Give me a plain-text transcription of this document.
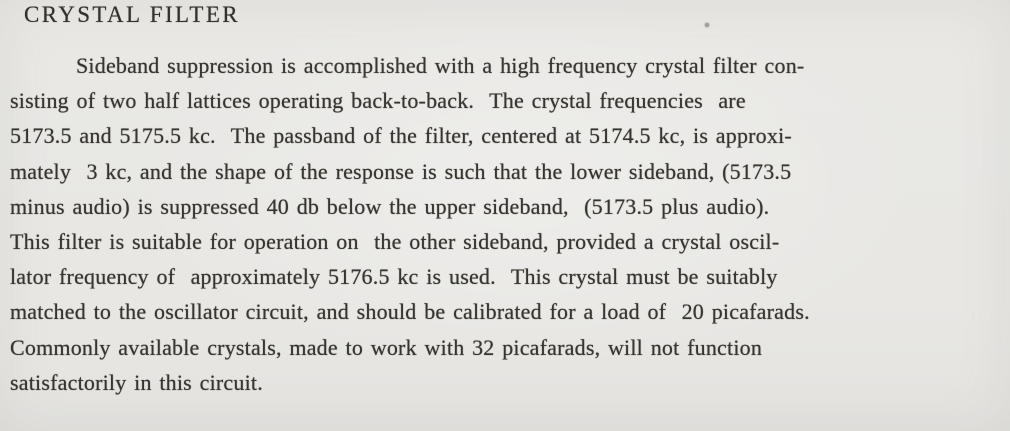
CRYSTAL FILTER
Sideband suppression is accomplished with a high frequency crystal filter con-
sisting of two half lattices operating back-to-back.  The crystal frequencies  are
5173.5 and 5175.5 kc.  The passband of the filter, centered at 5174.5 kc, is approxi-
mately  3 kc, and the shape of the response is such that the lower sideband, (5173.5
minus audio) is suppressed 40 db below the upper sideband,  (5173.5 plus audio).
This filter is suitable for operation on  the other sideband, provided a crystal oscil-
lator frequency of  approximately 5176.5 kc is used.  This crystal must be suitably
matched to the oscillator circuit, and should be calibrated for a load of  20 picafarads.
Commonly available crystals, made to work with 32 picafarads, will not function
satisfactorily in this circuit.
